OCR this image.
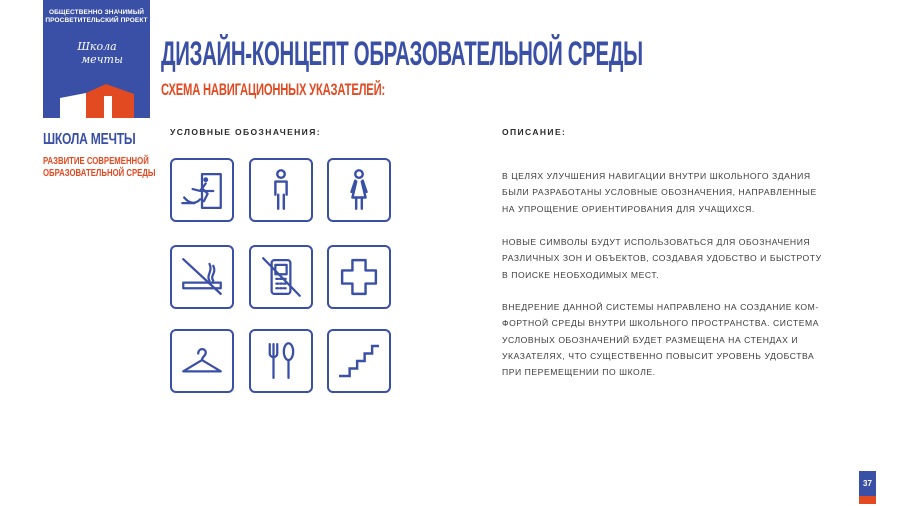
ОБЩЕСТВЕННО ЗНАЧИМЫЙ
ПРОСВЕТИТЕЛЬСКИЙ ПРОЕКТ
Школа
мечты
ШКОЛА МЕЧТЫ
РАЗВИТИЕ СОВРЕМЕННОЙ
ОБРАЗОВАТЕЛЬНОЙ СРЕДЫ
ДИЗАЙН-КОНЦЕПТ ОБРАЗОВАТЕЛЬНОЙ СРЕДЫ
СХЕМА НАВИГАЦИОННЫХ УКАЗАТЕЛЕЙ:
УСЛОВНЫЕ ОБОЗНАЧЕНИЯ:	ОПИСАНИЕ:
В ЦЕЛЯХ УЛУЧШЕНИЯ НАВИГАЦИИ ВНУТРИ ШКОЛЬНОГО ЗДАНИЯ
БЫЛИ РАЗРАБОТАНЫ УСЛОВНЫЕ ОБОЗНАЧЕНИЯ, НАПРАВЛЕННЫЕ
НА УПРОЩЕНИЕ ОРИЕНТИРОВАНИЯ ДЛЯ УЧАЩИХСЯ.
НОВЫЕ СИМВОЛЫ БУДУТ ИСПОЛЬЗОВАТЬСЯ ДЛЯ ОБОЗНАЧЕНИЯ
РАЗЛИЧНЫХ ЗОН И ОБЪЕКТОВ, СОЗДАВАЯ УДОБСТВО И БЫСТРОТУ
В ПОИСКЕ НЕОБХОДИМЫХ МЕСТ.
ВНЕДРЕНИЕ ДАННОЙ СИСТЕМЫ НАПРАВЛЕНО НА СОЗДАНИЕ КОМ-
ФОРТНОЙ СРЕДЫ ВНУТРИ ШКОЛЬНОГО ПРОСТРАНСТВА. СИСТЕМА
УСЛОВНЫХ ОБОЗНАЧЕНИЙ БУДЕТ РАЗМЕЩЕНА НА СТЕНДАХ И
УКАЗАТЕЛЯХ, ЧТО СУЩЕСТВЕННО ПОВЫСИТ УРОВЕНЬ УДОБСТВА
ПРИ ПЕРЕМЕЩЕНИИ ПО ШКОЛЕ.
37
